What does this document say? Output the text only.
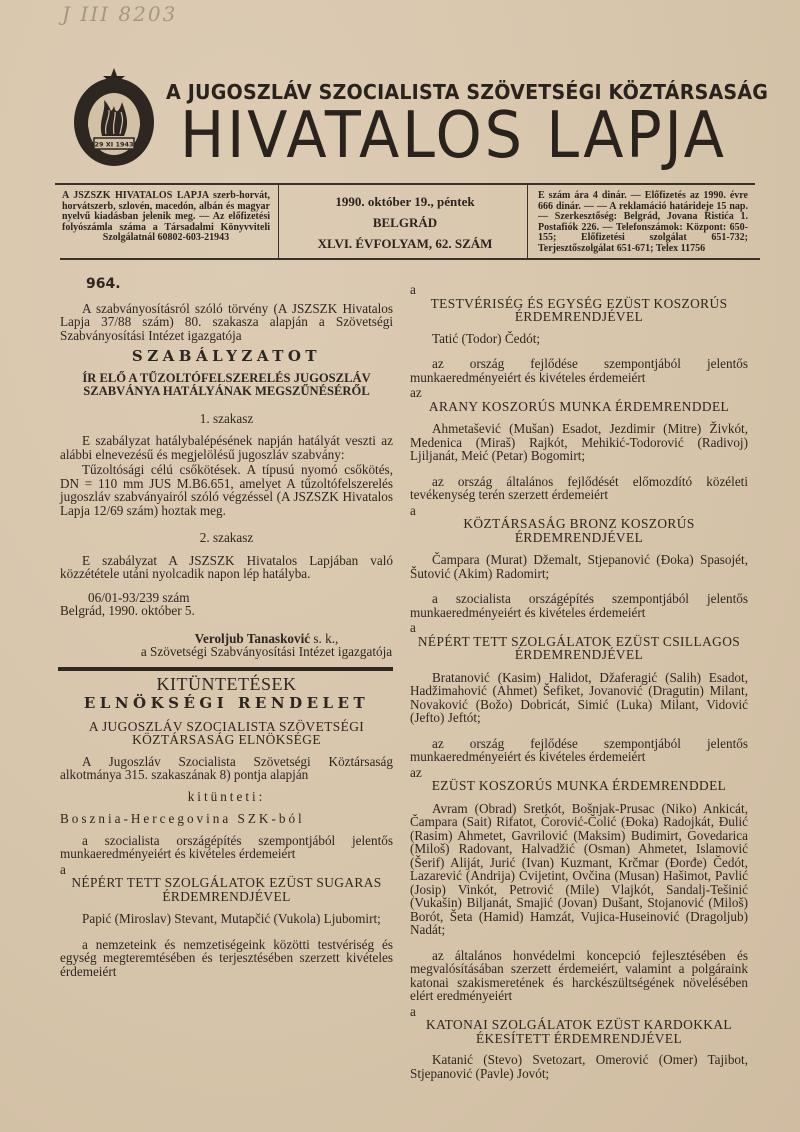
J III 8203
29 XI 1943
A JUGOSZLÁV SZOCIALISTA SZÖVETSÉGI KÖZTÁRSASÁG
HIVATALOS LAPJA
A JSZSZK HIVATALOS LAPJA szerb-horvát, horvátszerb, szlovén, macedón, albán és magyar nyelvű kiadásban jelenik meg. — Az előfizetési folyószámla száma a Társadalmi Könyvviteli Szolgálatnál 60802-603-21943
1990. október 19., péntek
BELGRÁD
XLVI. ÉVFOLYAM, 62. SZÁM
E szám ára 4 dinár. — Előfizetés az 1990. évre 666 dinár. — — A reklamáció határideje 15 nap. — Szerkesztőség: Belgrád, Jovana Ristića 1. Postafiók 226. — Telefonszámok: Központ: 650-155; Előfizetési szolgálat 651-732; Terjesztőszolgálat 651-671; Telex 11756
964.

A szabványosításról szóló törvény (A JSZSZK Hivatalos Lapja 37/88 szám) 80. szakasza alapján a Szövetségi Szabványosítási Intézet igazgatója

SZABÁLYZATOT
ÍR ELŐ A TŰZOLTÓFELSZERELÉS JUGOSZLÁV SZABVÁNYA HATÁLYÁNAK MEGSZŰNÉSÉRŐL
1. szakasz

E szabályzat hatálybalépésének napján hatályát veszti az alábbi elnevezésű és megjelölésű jugoszláv szabvány:

Tűzoltósági célú csőkötések. A típusú nyomó csőkötés, DN = 110 mm JUS M.B6.651, amelyet A tűzoltófelszerelés jugoszláv szabványairól szóló végzéssel (A JSZSZK Hivatalos Lapja 12/69 szám) hoztak meg.

2. szakasz

E szabályzat A JSZSZK Hivatalos Lapjában való közzététele utáni nyolcadik napon lép hatályba.

06/01-93/239 szám
Belgrád, 1990. október 5.
Veroljub Tanasković s. k.,
a Szövetségi Szabványosítási Intézet igazgatója
KITÜNTETÉSEK
ELNÖKSÉGI RENDELET
A JUGOSZLÁV SZOCIALISTA SZÖVETSÉGI KÖZTÁRSASÁG ELNÖKSÉGE

A Jugoszláv Szocialista Szövetségi Köztársaság alkotmánya 315. szakaszának 8) pontja alapján

kitünteti:
Bosznia-Hercegovina SZK-ból

a szocialista országépítés szempontjából jelentős munkaeredményeiért és kivételes érdemeiért

a
NÉPÉRT TETT SZOLGÁLATOK EZÜST SUGARAS ÉRDEMRENDJÉVEL

Papić (Miroslav) Stevant, Mutapčić (Vukola) Ljubomirt;

a nemzeteink és nemzetiségeink közötti testvériség és egység megteremtésében és terjesztésében szerzett kivételes érdemeiért

a
TESTVÉRISÉG ÉS EGYSÉG EZÜST KOSZORÚS ÉRDEMRENDJÉVEL

Tatić (Todor) Čedót;

az ország fejlődése szempontjából jelentős munkaeredményeiért és kivételes érdemeiért

az
ARANY KOSZORÚS MUNKA ÉRDEMRENDDEL

Ahmetašević (Mušan) Esadot, Jezdimir (Mitre) Živkót, Medenica (Miraš) Rajkót, Mehikić-Todorović (Radivoj) Ljiljanát, Meić (Petar) Bogomirt;

az ország általános fejlődését előmozdító közéleti tevékenység terén szerzett érdemeiért

a
KÖZTÁRSASÁG BRONZ KOSZORÚS ÉRDEMRENDJÉVEL

Čampara (Murat) Džemalt, Stjepanović (Đoka) Spasojét, Šutović (Akim) Radomirt;

a szocialista országépítés szempontjából jelentős munkaeredményeiért és kivételes érdemeiért

a
NÉPÉRT TETT SZOLGÁLATOK EZÜST CSILLAGOS ÉRDEMRENDJÉVEL

Bratanović (Kasim) Halidot, Džaferagić (Salih) Esadot, Hadžimahović (Ahmet) Šefiket, Jovanović (Dragutin) Milant, Novaković (Božo) Dobricát, Simić (Luka) Milant, Vidović (Jefto) Jeftót;

az ország fejlődése szempontjából jelentős munkaeredményeiért és kivételes érdemeiért

az
EZÜST KOSZORÚS MUNKA ÉRDEMRENDDEL

Avram (Obrad) Sretkót, Bošnjak-Prusac (Niko) Ankicát, Čampara (Sait) Rifatot, Ćorović-Čolić (Đoka) Radojkát, Đulić (Rasim) Ahmetet, Gavrilović (Maksim) Budimirt, Govedarica (Miloš) Radovant, Halvadžić (Osman) Ahmetet, Islamović (Šerif) Aliját, Jurić (Ivan) Kuzmant, Krčmar (Đorđe) Čedót, Lazarević (Andrija) Cvijetint, Ovčina (Musan) Hašimot, Pavlić (Josip) Vinkót, Petrović (Mile) Vlajkót, Sandalj-Tešinić (Vukašin) Biljanát, Smajić (Jovan) Dušant, Stojanović (Miloš) Borót, Šeta (Hamid) Hamzát, Vujica-Huseinović (Dragoljub) Nadát;

az általános honvédelmi koncepció fejlesztésében és megvalósításában szerzett érdemeiért, valamint a polgáraink katonai szakismeretének és harckészültségének növelésében elért eredményeiért

a
KATONAI SZOLGÁLATOK EZÜST KARDOKKAL ÉKESÍTETT ÉRDEMRENDJÉVEL

Katanić (Stevo) Svetozart, Omerović (Omer) Tajibot, Stjepanović (Pavle) Jovót;
